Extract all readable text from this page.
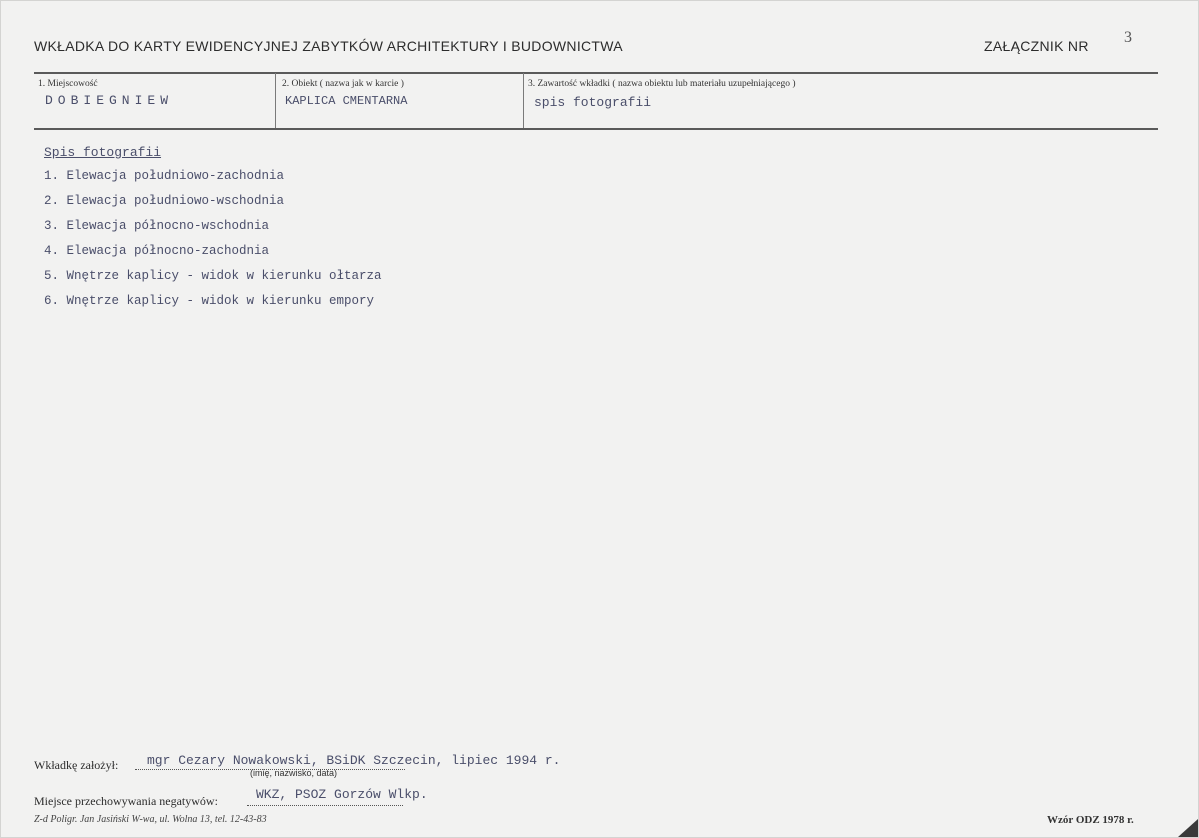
WKŁADKA DO KARTY EWIDENCYJNEJ ZABYTKÓW ARCHITEKTURY I BUDOWNICTWA	ZAŁĄCZNIK NR 3
1. Miejscowość
DOBIEGNIEW
2. Obiekt ( nazwa jak w karcie )
KAPLICA CMENTARNA
3. Zawartość wkładki ( nazwa obiektu lub materiału uzupełniającego )
spis fotografii
Spis fotografii
1. Elewacja południowo-zachodnia
2. Elewacja południowo-wschodnia
3. Elewacja północno-wschodnia
4. Elewacja północno-zachodnia
5. Wnętrze kaplicy - widok w kierunku ołtarza
6. Wnętrze kaplicy - widok w kierunku empory
Wkładkę założył: mgr Cezary Nowakowski, BSiDK Szczecin, lipiec 1994 r.
(imię, nazwisko, data)
Miejsce przechowywania negatywów:	WKZ, PSOZ Gorzów Wlkp.
Z-d Poligr. Jan Jasiński W-wa, ul. Wolna 13, tel. 12-43-83	Wzór ODZ 1978 r.
